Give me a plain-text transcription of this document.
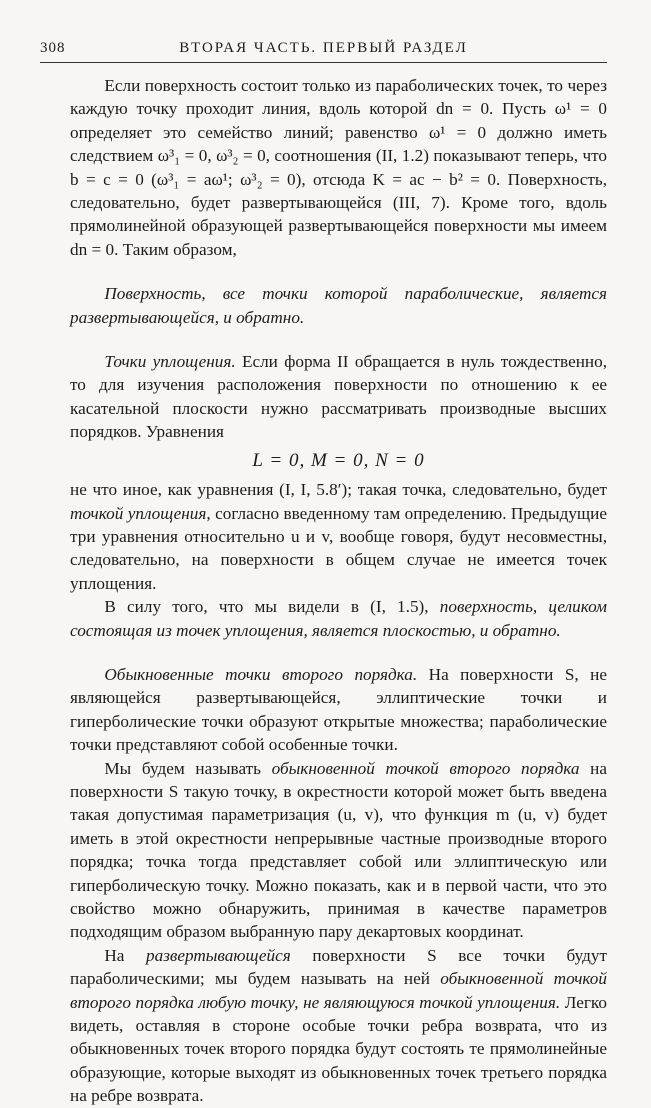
308	ВТОРАЯ ЧАСТЬ. ПЕРВЫЙ РАЗДЕЛ

Если поверхность состоит только из параболических точек, то через каждую точку проходит линия, вдоль которой dn = 0. Пусть ω¹ = 0 определяет это семейство линий; равенство ω¹ = 0 должно иметь следствием ω³₁ = 0, ω³₂ = 0, соотношения (II, 1.2) показывают теперь, что b = c = 0 (ω³₁ = aω¹; ω³₂ = 0), отсюда K = ac − b² = 0. Поверхность, следовательно, будет развертывающейся (III, 7). Кроме того, вдоль прямолинейной образующей развертывающейся поверхности мы имеем dn = 0. Таким образом,

Поверхность, все точки которой параболические, является развертывающейся, и обратно.

Точки уплощения. Если форма II обращается в нуль тождественно, то для изучения расположения поверхности по отношению к ее касательной плоскости нужно рассматривать производные высших порядков. Уравнения

L = 0, M = 0, N = 0

не что иное, как уравнения (I, I, 5.8′); такая точка, следовательно, будет точкой уплощения, согласно введенному там определению. Предыдущие три уравнения относительно u и v, вообще говоря, будут несовместны, следовательно, на поверхности в общем случае не имеется точек уплощения.

В силу того, что мы видели в (I, 1.5), поверхность, целиком состоящая из точек уплощения, является плоскостью, и обратно.

Обыкновенные точки второго порядка. На поверхности S, не являющейся развертывающейся, эллиптические точки и гиперболические точки образуют открытые множества; параболические точки представляют собой особенные точки.

Мы будем называть обыкновенной точкой второго порядка на поверхности S такую точку, в окрестности которой может быть введена такая допустимая параметризация (u, v), что функция m (u, v) будет иметь в этой окрестности непрерывные частные производные второго порядка; точка тогда представляет собой или эллиптическую или гиперболическую точку. Можно показать, как и в первой части, что это свойство можно обнаружить, принимая в качестве параметров подходящим образом выбранную пару декартовых координат.

На развертывающейся поверхности S все точки будут параболическими; мы будем называть на ней обыкновенной точкой второго порядка любую точку, не являющуюся точкой уплощения. Легко видеть, оставляя в стороне особые точки ребра возврата, что из обыкновенных точек второго порядка будут состоять те прямолинейные образующие, которые выходят из обыкновенных точек третьего порядка на ребре возврата.
